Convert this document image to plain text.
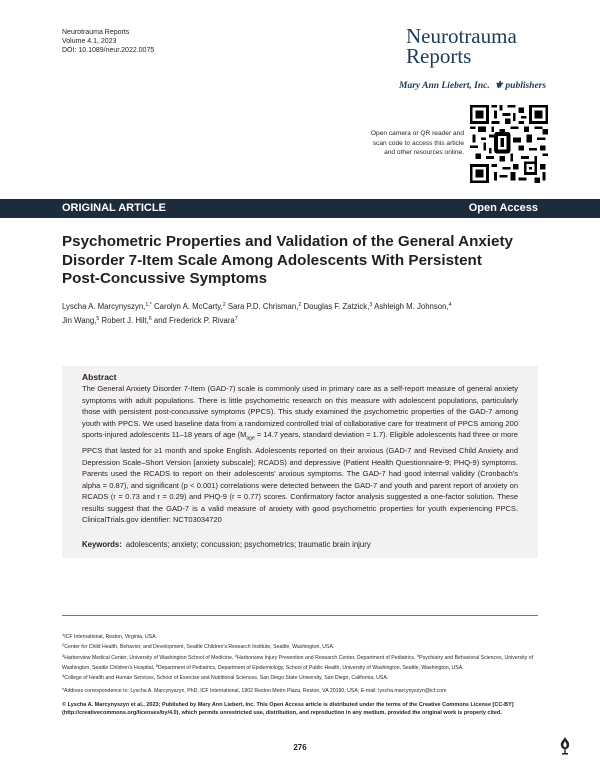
Neurotrauma Reports
Volume 4.1, 2023
DOI: 10.1089/neur.2022.0075
Neurotrauma
Reports
Mary Ann Liebert, Inc. ⚜ publishers
Open camera or QR reader and
scan code to access this article
and other resources online.
ORIGINAL ARTICLE	Open Access
Psychometric Properties and Validation of the General Anxiety Disorder 7-Item Scale Among Adolescents With Persistent Post-Concussive Symptoms
Lyscha A. Marcynyszyn,$^{1,*}$ Carolyn A. McCarty,$^2$ Sara P.D. Chrisman,$^2$ Douglas F. Zatzick,$^3$ Ashleigh M. Johnson,$^4$
Jin Wang,$^5$ Robert J. Hilt,$^6$ and Frederick P. Rivara$^7$
Abstract

The General Anxiety Disorder 7-Item (GAD-7) scale is commonly used in primary care as a self-report measure of general anxiety symptoms with adult populations. There is little psychometric research on this measure with adolescent populations, particularly those with persistent post-concussive symptoms (PPCS). This study examined the psychometric properties of the GAD-7 among youth with PPCS. We used baseline data from a randomized controlled trial of collaborative care for treatment of PPCS among 200 sports-injured adolescents 11–18 years of age ($M_{age} = 14.7$ years, standard deviation = 1.7). Eligible adolescents had three or more PPCS that lasted for ≥1 month and spoke English. Adolescents reported on their anxious (GAD-7 and Revised Child Anxiety and Depression Scale–Short Version [anxiety subscale]; RCADS) and depressive (Patient Health Questionnaire-9; PHQ-9) symptoms. Parents used the RCADS to report on their adolescents' anxious symptoms. The GAD-7 had good internal validity (Cronbach's alpha = 0.87), and significant (p < 0.001) correlations were detected between the GAD-7 and youth and parent report of anxiety on RCADS (r = 0.73 and r = 0.29) and PHQ-9 (r = 0.77) scores. Confirmatory factor analysis suggested a one-factor solution. These results suggest that the GAD-7 is a valid measure of anxiety with good psychometric properties for youth experiencing PPCS. ClinicalTrials.gov identifier: NCT03034720

Keywords: adolescents; anxiety; concussion; psychometrics; traumatic brain injury

$^1$ICF International, Reston, Virginia, USA.

$^2$Center for Child Health, Behavior, and Development, Seattle Children's Research Institute, Seattle, Washington, USA.

$^3$Harborview Medical Center, University of Washington School of Medicine, $^4$Harborview Injury Prevention and Research Center, Department of Pediatrics, $^5$Psychiatry and Behavioral Sciences, University of Washington, Seattle Children's Hospital, $^6$Department of Pediatrics, Department of Epidemiology, School of Public Health, University of Washington, Seattle, Washington, USA.

$^4$College of Health and Human Services, School of Exercise and Nutritional Sciences, San Diego State University, San Diego, California, USA.

*Address correspondence to: Lyscha A. Marcynyszyn, PhD, ICF International, 1902 Reston Metro Plaza, Reston, VA 20190, USA; E-mail: lyscha.marcynyszyn@icf.com

© Lyscha A. Marcynyszyn et al., 2023; Published by Mary Ann Liebert, Inc. This Open Access article is distributed under the terms of the Creative Commons License [CC-BY] (http://creativecommons.org/licenses/by/4.0), which permits unrestricted use, distribution, and reproduction in any medium, provided the original work is properly cited.
276
